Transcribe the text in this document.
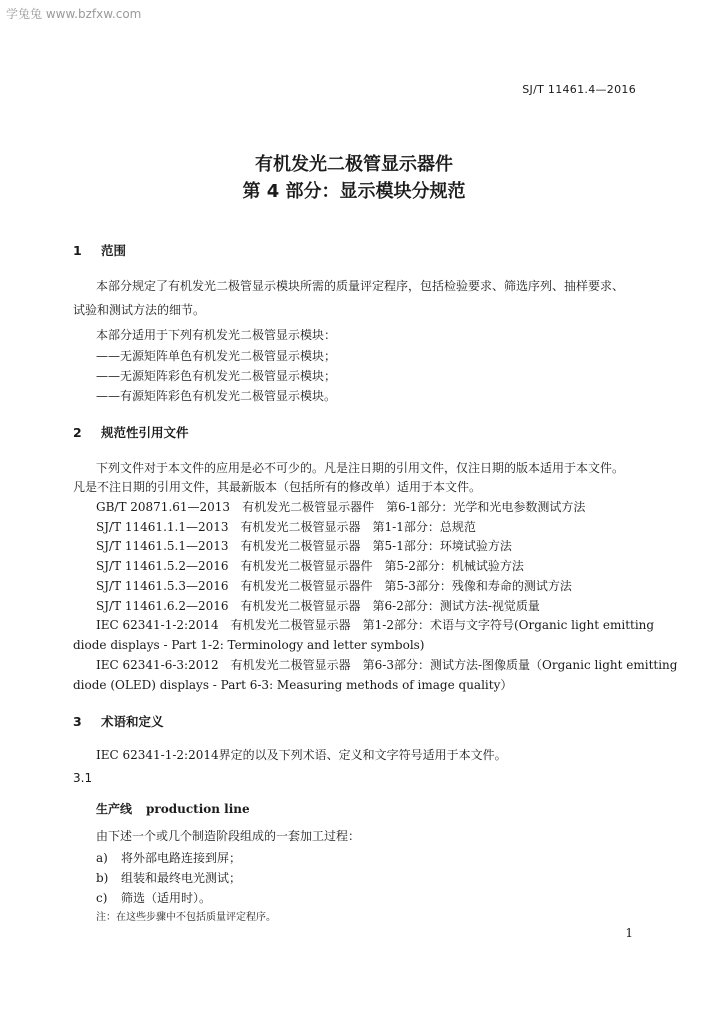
学兔兔 www.bzfxw.com
SJ/T 11461.4—2016
有机发光二极管显示器件
第 4 部分：显示模块分规范
1 范围
本部分规定了有机发光二极管显示模块所需的质量评定程序，包括检验要求、筛选序列、抽样要求、
试验和测试方法的细节。
本部分适用于下列有机发光二极管显示模块：
——无源矩阵单色有机发光二极管显示模块；
——无源矩阵彩色有机发光二极管显示模块；
——有源矩阵彩色有机发光二极管显示模块。
2 规范性引用文件
下列文件对于本文件的应用是必不可少的。凡是注日期的引用文件，仅注日期的版本适用于本文件。
凡是不注日期的引用文件，其最新版本（包括所有的修改单）适用于本文件。
GB/T 20871.61—2013　有机发光二极管显示器件　第6-1部分：光学和光电参数测试方法
SJ/T 11461.1.1—2013　有机发光二极管显示器　第1-1部分：总规范
SJ/T 11461.5.1—2013　有机发光二极管显示器　第5-1部分：环境试验方法
SJ/T 11461.5.2—2016　有机发光二极管显示器件　第5-2部分：机械试验方法
SJ/T 11461.5.3—2016　有机发光二极管显示器件　第5-3部分：残像和寿命的测试方法
SJ/T 11461.6.2—2016　有机发光二极管显示器　第6-2部分：测试方法-视觉质量
IEC 62341-1-2:2014　有机发光二极管显示器　第1-2部分：术语与文字符号(Organic light emitting
diode displays - Part 1-2: Terminology and letter symbols)
IEC 62341-6-3:2012　有机发光二极管显示器　第6-3部分：测试方法-图像质量（Organic light emitting
diode (OLED) displays - Part 6-3: Measuring methods of image quality）
3 术语和定义
IEC 62341-1-2:2014界定的以及下列术语、定义和文字符号适用于本文件。
3.1
生产线 production line
由下述一个或几个制造阶段组成的一套加工过程：
a) 将外部电路连接到屏；
b) 组装和最终电光测试；
c) 筛选（适用时）。
注：在这些步骤中不包括质量评定程序。
1
